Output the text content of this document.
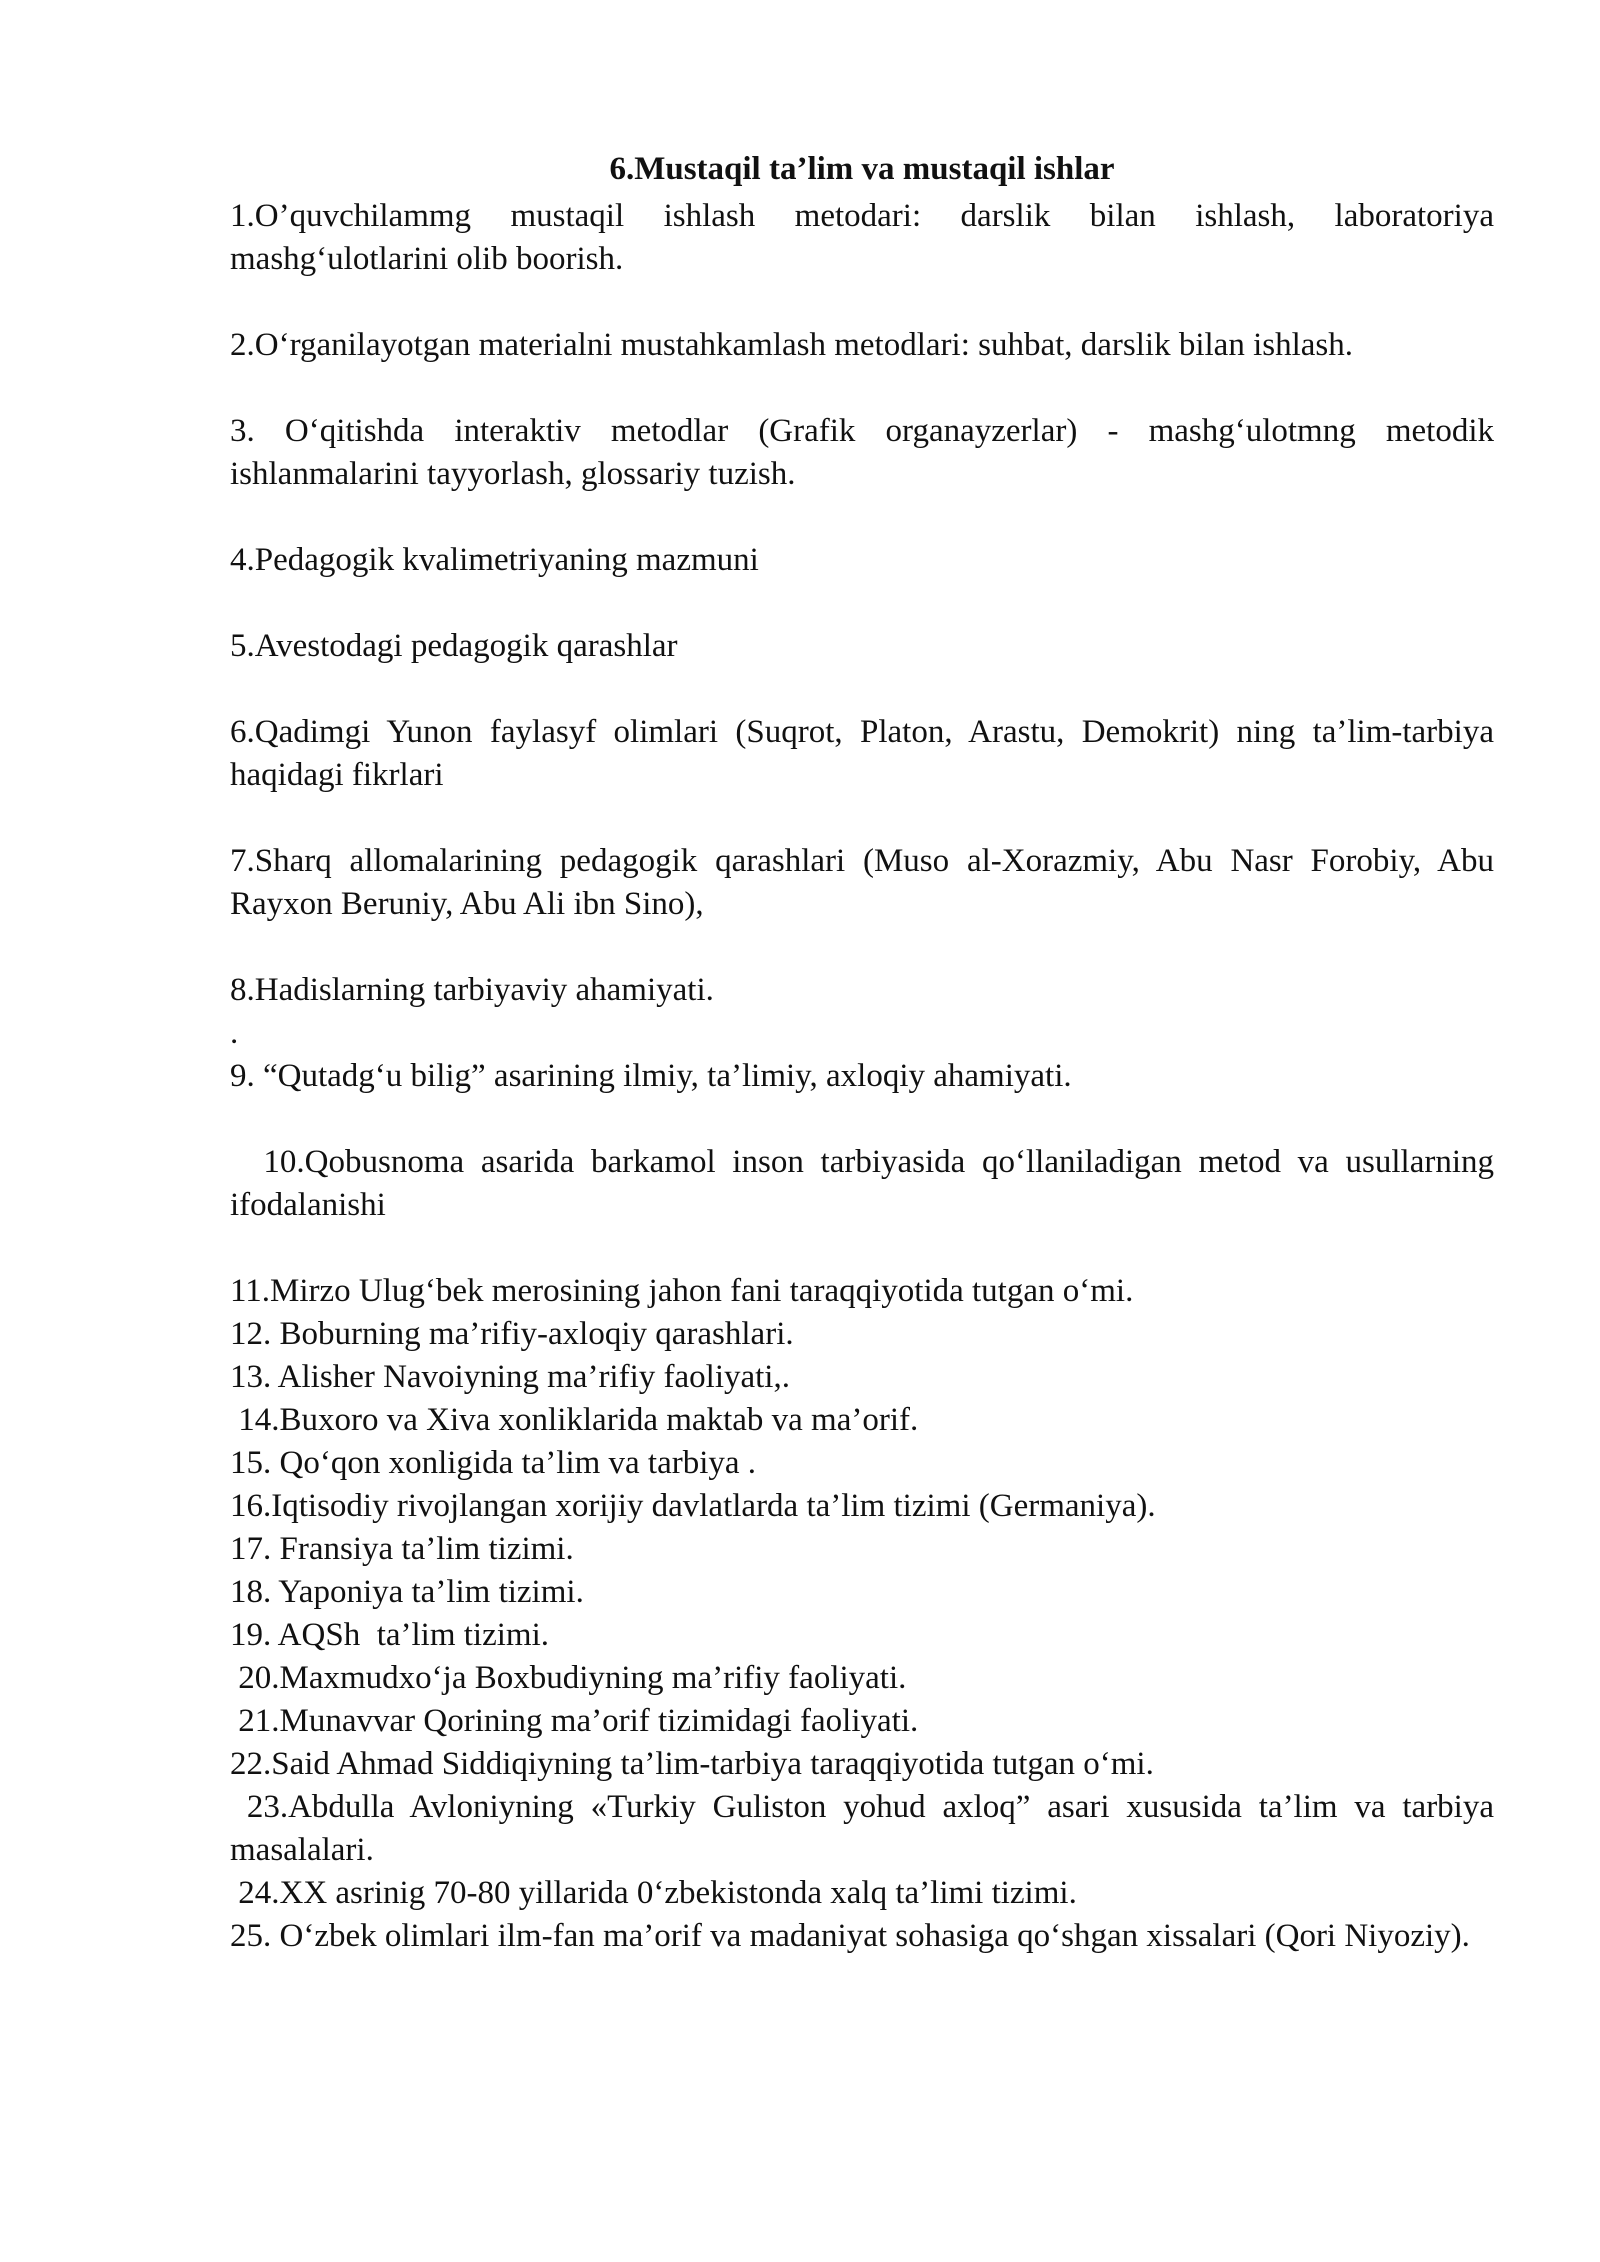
6.Mustaqil ta’lim va mustaqil ishlar

1.O’quvchilammg mustaqil ishlash metodari: darslik bilan ishlash, laboratoriya mashg‘ulotlarini olib boorish.

2.O‘rganilayotgan materialni mustahkamlash metodlari: suhbat, darslik bilan ishlash.

3. O‘qitishda interaktiv metodlar (Grafik organayzerlar) - mashg‘ulotmng metodik ishlanmalarini tayyorlash, glossariy tuzish.

4.Pedagogik kvalimetriyaning mazmuni

5.Avestodagi pedagogik qarashlar

6.Qadimgi Yunon faylasyf olimlari (Suqrot, Platon, Arastu, Demokrit) ning ta’lim-tarbiya haqidagi fikrlari

7.Sharq allomalarining pedagogik qarashlari (Muso al-Xorazmiy, Abu Nasr Forobiy, Abu Rayxon Beruniy, Abu Ali ibn Sino),

8.Hadislarning tarbiyaviy ahamiyati.

.

9. “Qutadg‘u bilig” asarining ilmiy, ta’limiy, axloqiy ahamiyati.

10.Qobusnoma asarida barkamol inson tarbiyasida qo‘llaniladigan metod va usullarning ifodalanishi

11.Mirzo Ulug‘bek merosining jahon fani taraqqiyotida tutgan o‘mi.

12. Boburning ma’rifiy-axloqiy qarashlari.

13. Alisher Navoiyning ma’rifiy faoliyati,.

14.Buxoro va Xiva xonliklarida maktab va ma’orif.

15. Qo‘qon xonligida ta’lim va tarbiya .

16.Iqtisodiy rivojlangan xorijiy davlatlarda ta’lim tizimi (Germaniya).

17. Fransiya ta’lim tizimi.

18. Yaponiya ta’lim tizimi.

19. AQSh  ta’lim tizimi.

20.Maxmudxo‘ja Boxbudiyning ma’rifiy faoliyati.

21.Munavvar Qorining ma’orif tizimidagi faoliyati.

22.Said Ahmad Siddiqiyning ta’lim-tarbiya taraqqiyotida tutgan o‘mi.

23.Abdulla Avloniyning «Turkiy Guliston yohud axloq” asari xususida ta’lim va tarbiya masalalari.

24.XX asrinig 70-80 yillarida 0‘zbekistonda xalq ta’limi tizimi.

25. O‘zbek olimlari ilm-fan ma’orif va madaniyat sohasiga qo‘shgan xissalari (Qori Niyoziy).
